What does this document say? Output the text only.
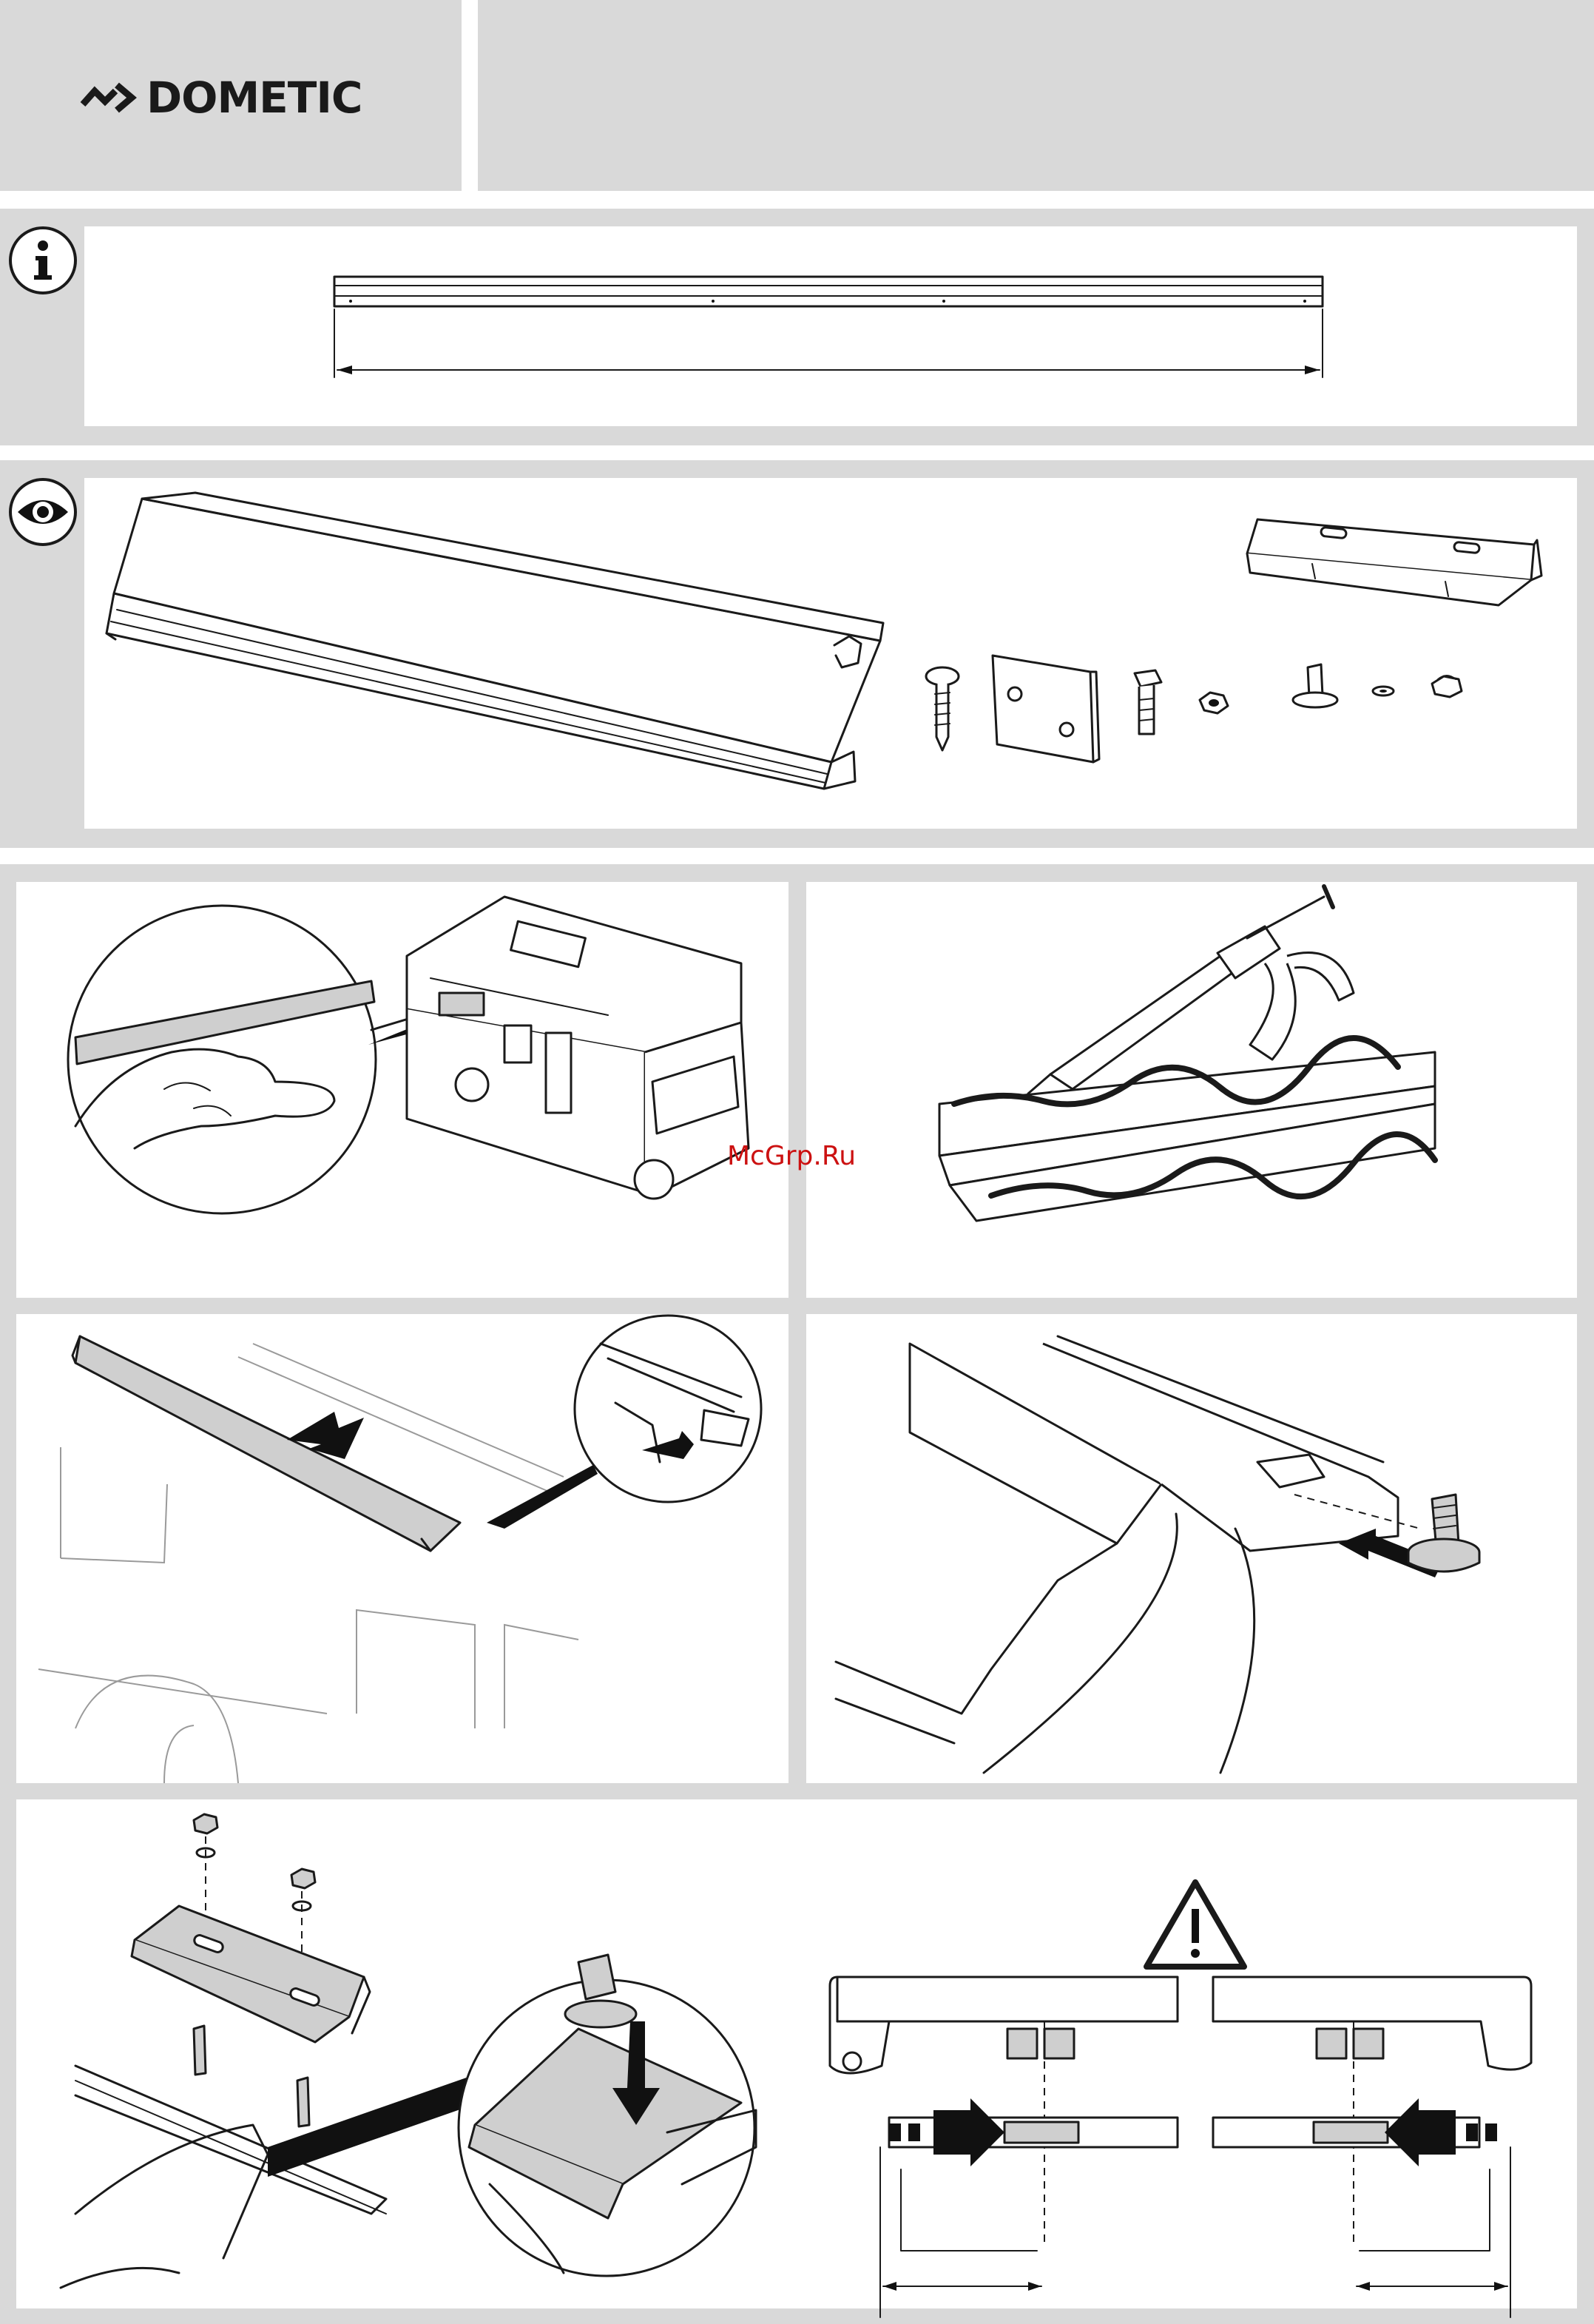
DOMETIC
McGrp.Ru
